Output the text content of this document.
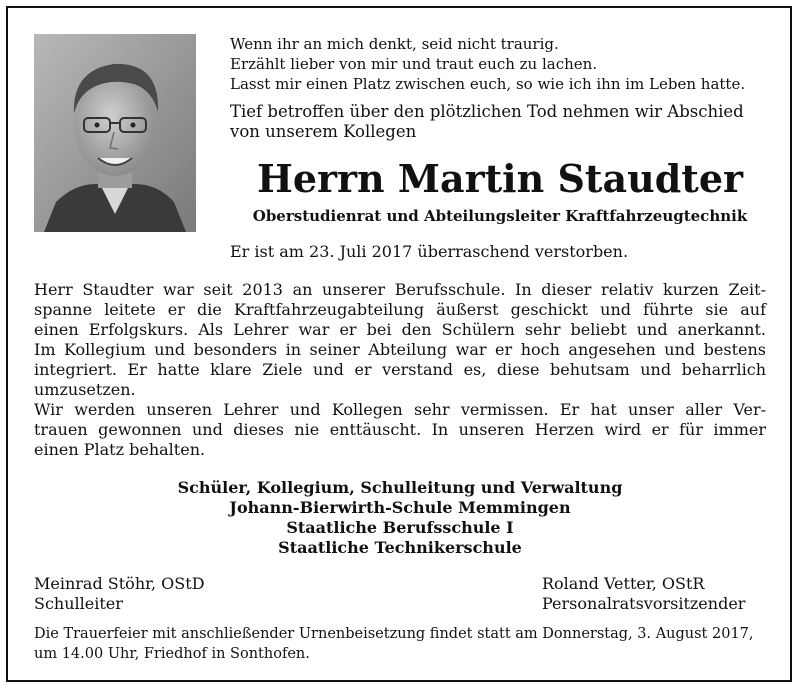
Wenn ihr an mich denkt, seid nicht traurig.
Erzählt lieber von mir und traut euch zu lachen.
Lasst mir einen Platz zwischen euch, so wie ich ihn im Leben hatte.
Tief betroffen über den plötzlichen Tod nehmen wir Abschied
von unserem Kollegen
Herrn Martin Staudter
Oberstudienrat und Abteilungsleiter Kraftfahrzeugtechnik
Er ist am 23. Juli 2017 überraschend verstorben.
Herr Staudter war seit 2013 an unserer Berufsschule. In dieser relativ kurzen Zeit-
spanne leitete er die Kraftfahrzeugabteilung äußerst geschickt und führte sie auf
einen Erfolgskurs. Als Lehrer war er bei den Schülern sehr beliebt und anerkannt.
Im Kollegium und besonders in seiner Abteilung war er hoch angesehen und bestens
integriert. Er hatte klare Ziele und er verstand es, diese behutsam und beharrlich
umzusetzen.
Wir werden unseren Lehrer und Kollegen sehr vermissen. Er hat unser aller Ver-
trauen gewonnen und dieses nie enttäuscht. In unseren Herzen wird er für immer
einen Platz behalten.
Schüler, Kollegium, Schulleitung und Verwaltung
Johann-Bierwirth-Schule Memmingen
Staatliche Berufsschule I
Staatliche Technikerschule
Meinrad Stöhr, OStD
Schulleiter
Roland Vetter, OStR
Personalratsvorsitzender
Die Trauerfeier mit anschließender Urnenbeisetzung findet statt am Donnerstag, 3. August 2017,
um 14.00 Uhr, Friedhof in Sonthofen.
